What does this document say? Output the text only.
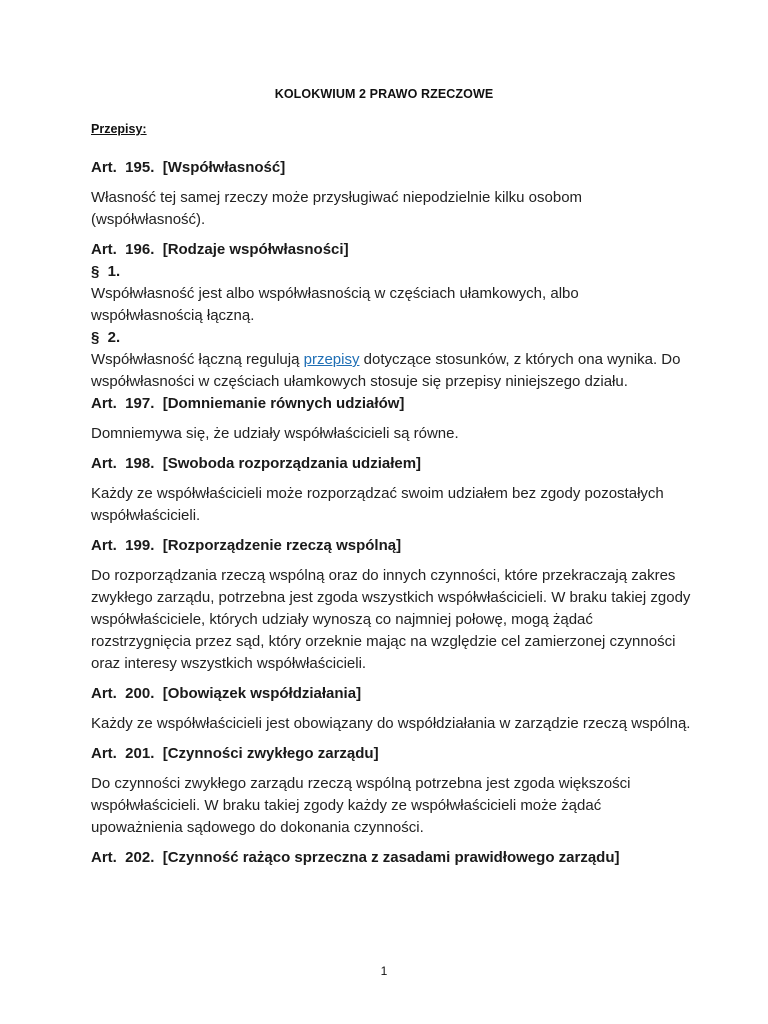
KOLOKWIUM 2 PRAWO RZECZOWE
Przepisy:
Art.  195.  [Współwłasność]

Własność tej samej rzeczy może przysługiwać niepodzielnie kilku osobom (współwłasność).

Art.  196.  [Rodzaje współwłasności]
§  1.

Współwłasność jest albo współwłasnością w częściach ułamkowych, albo współwłasnością łączną.

§  2.

Współwłasność łączną regulują przepisy dotyczące stosunków, z których ona wynika. Do współwłasności w częściach ułamkowych stosuje się przepisy niniejszego działu.

Art.  197.  [Domniemanie równych udziałów]

Domniemywa się, że udziały współwłaścicieli są równe.

Art.  198.  [Swoboda rozporządzania udziałem]

Każdy ze współwłaścicieli może rozporządzać swoim udziałem bez zgody pozostałych współwłaścicieli.

Art.  199.  [Rozporządzenie rzeczą wspólną]

Do rozporządzania rzeczą wspólną oraz do innych czynności, które przekraczają zakres zwykłego zarządu, potrzebna jest zgoda wszystkich współwłaścicieli. W braku takiej zgody współwłaściciele, których udziały wynoszą co najmniej połowę, mogą żądać rozstrzygnięcia przez sąd, który orzeknie mając na względzie cel zamierzonej czynności oraz interesy wszystkich współwłaścicieli.

Art.  200.  [Obowiązek współdziałania]

Każdy ze współwłaścicieli jest obowiązany do współdziałania w zarządzie rzeczą wspólną.

Art.  201.  [Czynności zwykłego zarządu]

Do czynności zwykłego zarządu rzeczą wspólną potrzebna jest zgoda większości współwłaścicieli. W braku takiej zgody każdy ze współwłaścicieli może żądać upoważnienia sądowego do dokonania czynności.

Art.  202.  [Czynność rażąco sprzeczna z zasadami prawidłowego zarządu]
1
